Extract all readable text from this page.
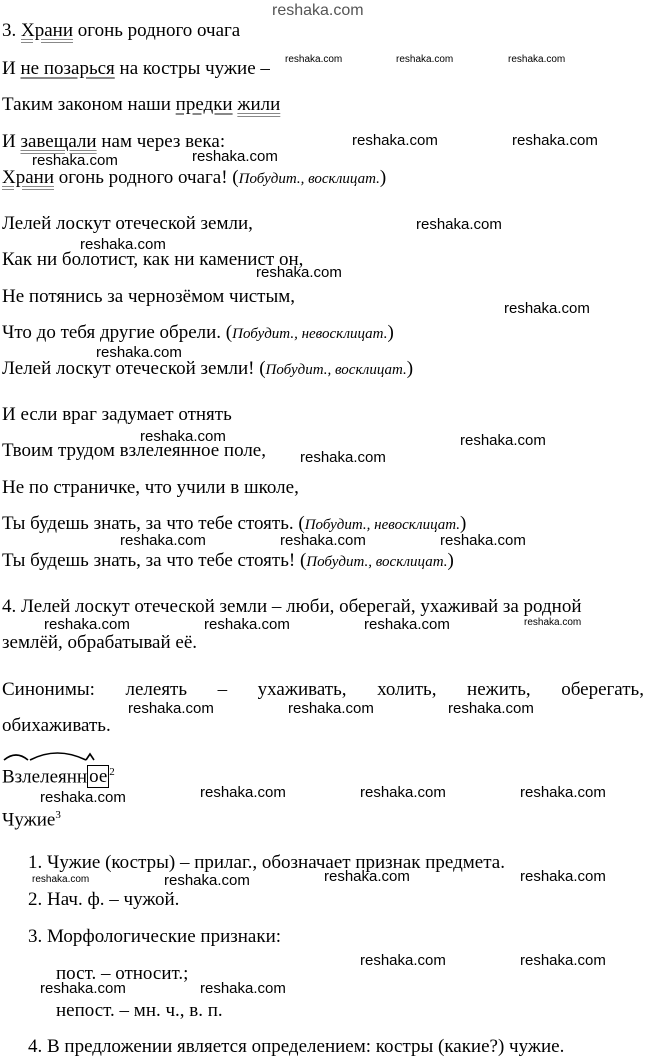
reshaka.com
3. Храни огонь родного очага
И не позарься на костры чужие –
Таким законом наши предки жили
И завещали нам через века:
Храни огонь родного очага! (Побудит., восклицат.)
Лелей лоскут отеческой земли,
Как ни болотист, как ни каменист он,
Не потянись за чернозёмом чистым,
Что до тебя другие обрели. (Побудит., невосклицат.)
Лелей лоскут отеческой земли! (Побудит., восклицат.)
И если враг задумает отнять
Твоим трудом взлелеянное поле,
Не по страничке, что учили в школе,
Ты будешь знать, за что тебе стоять. (Побудит., невосклицат.)
Ты будешь знать, за что тебе стоять! (Побудит., восклицат.)
4. Лелей лоскут отеческой земли – люби, оберегай, ухаживай за родной
землёй, обрабатывай её.
Синонимы: лелеять – ухаживать, холить, нежить, оберегать,
обихаживать.
Взлелеянн ое $^2$
Чужие$^3$
1. Чужие (костры) – прилаг., обозначает признак предмета.
2. Нач. ф. – чужой.
3. Морфологические признаки:
пост. – относит.;
непост. – мн. ч., в. п.
4. В предложении является определением: костры (какие?) чужие.
reshaka.com	reshaka.com	reshaka.com
reshaka.com	reshaka.com
reshaka.com	reshaka.com
reshaka.com
reshaka.com
reshaka.com
reshaka.com
reshaka.com
reshaka.com	reshaka.com
reshaka.com
reshaka.com	reshaka.com	reshaka.com
reshaka.com	reshaka.com	reshaka.com	reshaka.com
reshaka.com	reshaka.com	reshaka.com
reshaka.com	reshaka.com	reshaka.com	reshaka.com
reshaka.com	reshaka.com	reshaka.com	reshaka.com
reshaka.com	reshaka.com
reshaka.com	reshaka.com
